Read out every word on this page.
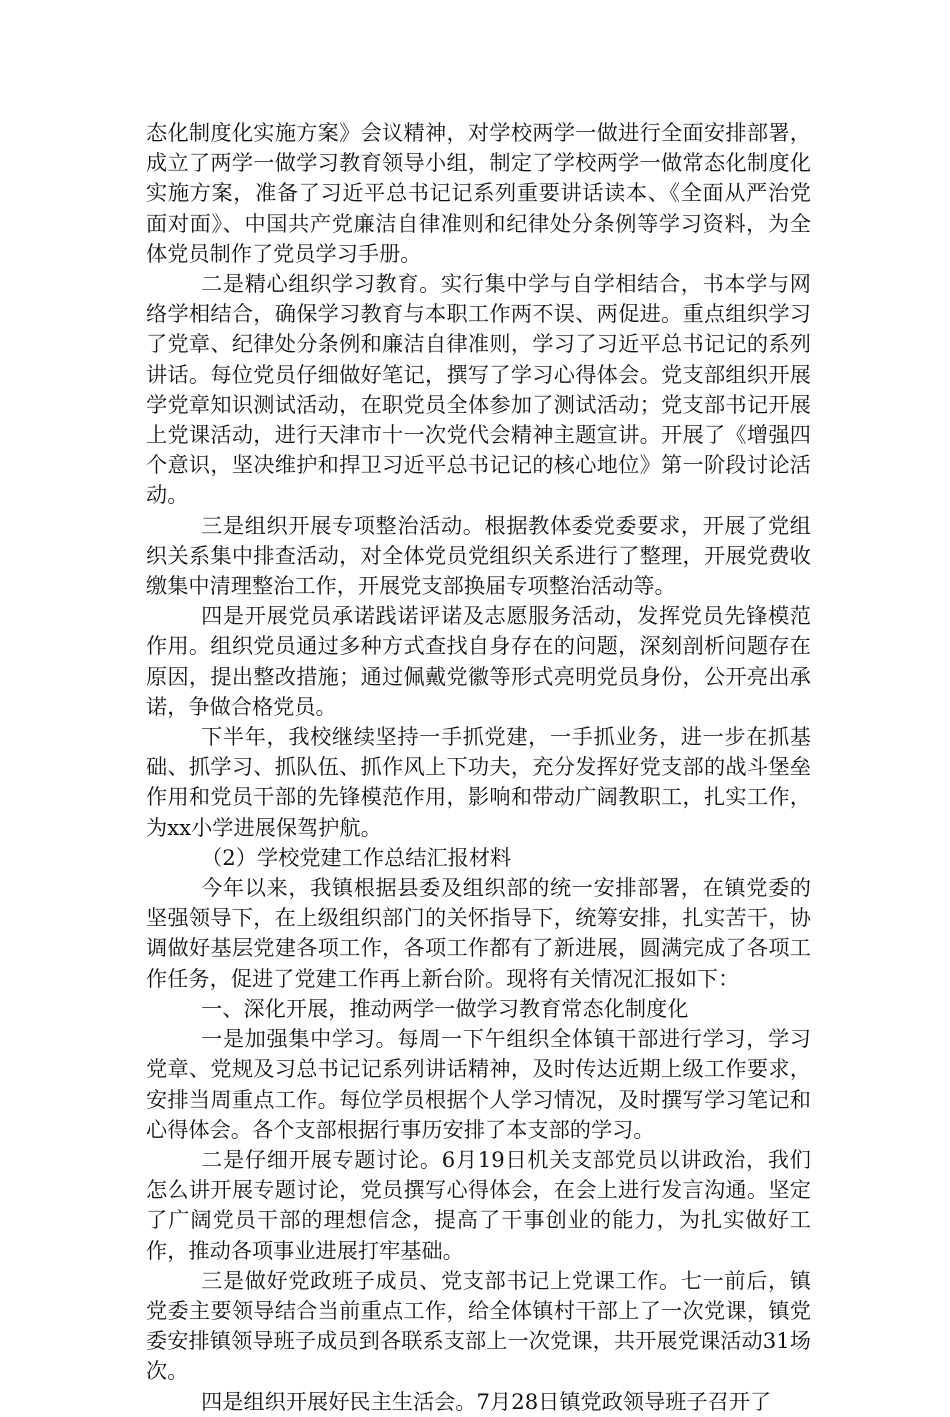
态化制度化实施方案》会议精神，对学校两学一做进行全面安排部署，成立了两学一做学习教育领导小组，制定了学校两学一做常态化制度化实施方案，准备了习近平总书记记系列重要讲话读本、《全面从严治党面对面》、中国共产党廉洁自律准则和纪律处分条例等学习资料，为全体党员制作了党员学习手册。

二是精心组织学习教育。实行集中学与自学相结合，书本学与网络学相结合，确保学习教育与本职工作两不误、两促进。重点组织学习了党章、纪律处分条例和廉洁自律准则，学习了习近平总书记记的系列讲话。每位党员仔细做好笔记，撰写了学习心得体会。党支部组织开展学党章知识测试活动，在职党员全体参加了测试活动；党支部书记开展上党课活动，进行天津市十一次党代会精神主题宣讲。开展了《增强四个意识，坚决维护和捍卫习近平总书记记的核心地位》第一阶段讨论活动。

三是组织开展专项整治活动。根据教体委党委要求，开展了党组织关系集中排查活动，对全体党员党组织关系进行了整理，开展党费收缴集中清理整治工作，开展党支部换届专项整治活动等。

四是开展党员承诺践诺评诺及志愿服务活动，发挥党员先锋模范作用。组织党员通过多种方式查找自身存在的问题，深刻剖析问题存在原因，提出整改措施；通过佩戴党徽等形式亮明党员身份，公开亮出承诺，争做合格党员。

下半年，我校继续坚持一手抓党建，一手抓业务，进一步在抓基础、抓学习、抓队伍、抓作风上下功夫，充分发挥好党支部的战斗堡垒作用和党员干部的先锋模范作用，影响和带动广阔教职工，扎实工作，为xx小学进展保驾护航。

（2）学校党建工作总结汇报材料

今年以来，我镇根据县委及组织部的统一安排部署，在镇党委的坚强领导下，在上级组织部门的关怀指导下，统筹安排，扎实苦干，协调做好基层党建各项工作，各项工作都有了新进展，圆满完成了各项工作任务，促进了党建工作再上新台阶。现将有关情况汇报如下：

一、深化开展，推动两学一做学习教育常态化制度化

一是加强集中学习。每周一下午组织全体镇干部进行学习，学习党章、党规及习总书记记系列讲话精神，及时传达近期上级工作要求，安排当周重点工作。每位学员根据个人学习情况，及时撰写学习笔记和心得体会。各个支部根据行事历安排了本支部的学习。

二是仔细开展专题讨论。6月19日机关支部党员以讲政治，我们怎么讲开展专题讨论，党员撰写心得体会，在会上进行发言沟通。坚定了广阔党员干部的理想信念，提高了干事创业的能力，为扎实做好工作，推动各项事业进展打牢基础。

三是做好党政班子成员、党支部书记上党课工作。七一前后，镇党委主要领导结合当前重点工作，给全体镇村干部上了一次党课，镇党委安排镇领导班子成员到各联系支部上一次党课，共开展党课活动31场次。

四是组织开展好民主生活会。7月28日镇党政领导班子召开了
